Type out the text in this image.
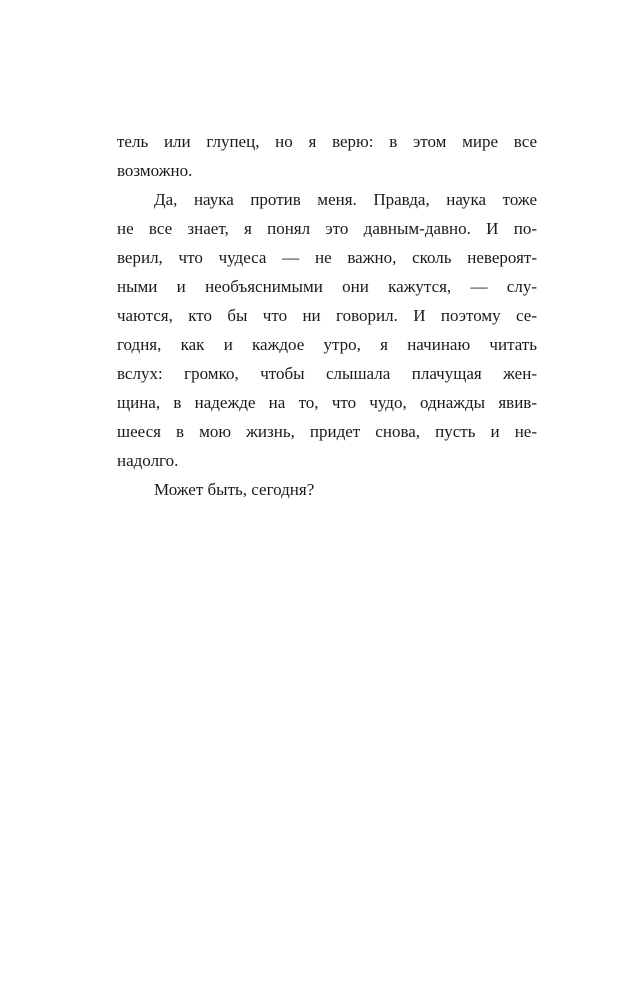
тель или глупец, но я верю: в этом мире все
возможно.
Да, наука против меня. Правда, наука тоже
не все знает, я понял это давным-давно. И по-
верил, что чудеса — не важно, сколь невероят-
ными и необъяснимыми они кажутся, — слу-
чаются, кто бы что ни говорил. И поэтому се-
годня, как и каждое утро, я начинаю читать
вслух: громко, чтобы слышала плачущая жен-
щина, в надежде на то, что чудо, однажды явив-
шееся в мою жизнь, придет снова, пусть и не-
надолго.
Может быть, сегодня?
